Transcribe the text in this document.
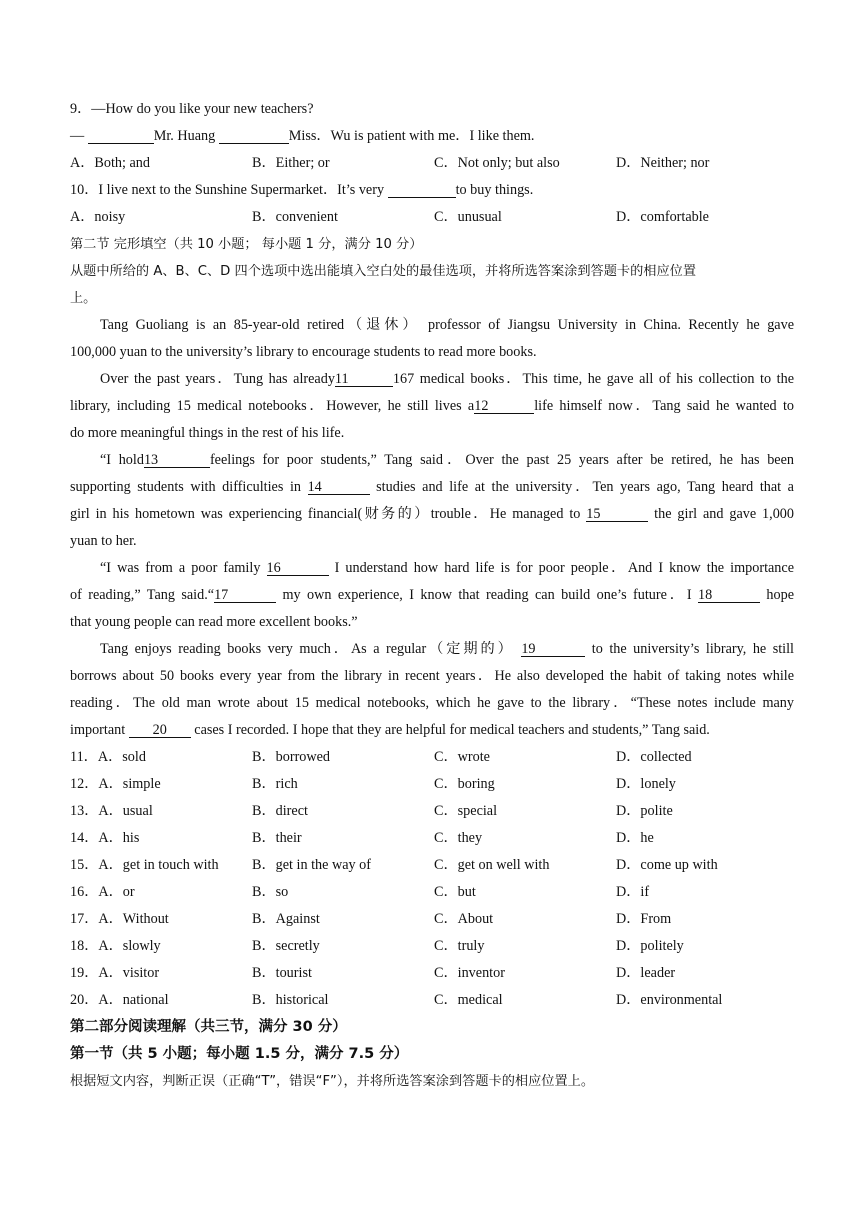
9．—How do you like your new teachers?
—	Mr. Huang	Miss．Wu is patient with me．I like them.
A．Both; and	B．Either; or	C．Not only; but also	D．Neither; nor
10．I live next to the Sunshine Supermarket．It’s very	to buy things.
A．noisy	B．convenient	C．unusual	D．comfortable
第二节 完形填空（共 10 小题； 每小题 1 分，满分 10 分）
从题中所给的 A、B、C、D 四个选项中选出能填入空白处的最佳选项，并将所选答案涂到答题卡的相应位置
上。
Tang Guoliang is an 85-year-old retired（退休） professor of Jiangsu University in China. Recently he gave
100,000 yuan to the university’s library to encourage students to read more books.
Over the past years．Tung has already11	167 medical books．This time, he gave all of his collection to the
library, including 15 medical notebooks．However, he still lives a12	life himself now．Tang said he wanted to
do more meaningful things in the rest of his life.
“I hold13	feelings for poor students,” Tang said．Over the past 25 years after be retired, he has been
supporting students with difficulties in 14	studies and life at the university．Ten years ago, Tang heard that a
girl in his hometown was experiencing financial(财务的）trouble．He managed to 15	the girl and gave 1,000
yuan to her.
“I was from a poor family 16	I understand how hard life is for poor people．And I know the importance
of reading,” Tang said.“17	my own experience, I know that reading can build one’s future．I 18	hope
that young people can read more excellent books.”
Tang enjoys reading books very much．As a regular（定期的） 19	to the university’s library, he still
borrows about 50 books every year from the library in recent years．He also developed the habit of taking notes while
reading．The old man wrote about 15 medical notebooks, which he gave to the library．“These notes include many
important 20 cases I recorded. I hope that they are helpful for medical teachers and students,” Tang said.
11．A．sold	B．borrowed	C．wrote	D．collected
12．A．simple	B．rich	C．boring	D．lonely
13．A．usual	B．direct	C．special	D．polite
14．A．his	B．their	C．they	D．he
15．A．get in touch with	B．get in the way of	C．get on well with	D．come up with
16．A．or	B．so	C．but	D．if
17．A．Without	B．Against	C．About	D．From
18．A．slowly	B．secretly	C．truly	D．politely
19．A．visitor	B．tourist	C．inventor	D．leader
20．A．national	B．historical	C．medical	D．environmental
第二部分阅读理解（共三节，满分 30 分）
第一节（共 5 小题；每小题 1.5 分，满分 7.5 分）
根据短文内容，判断正误（正确“T”，错误“F”），并将所选答案涂到答题卡的相应位置上。
